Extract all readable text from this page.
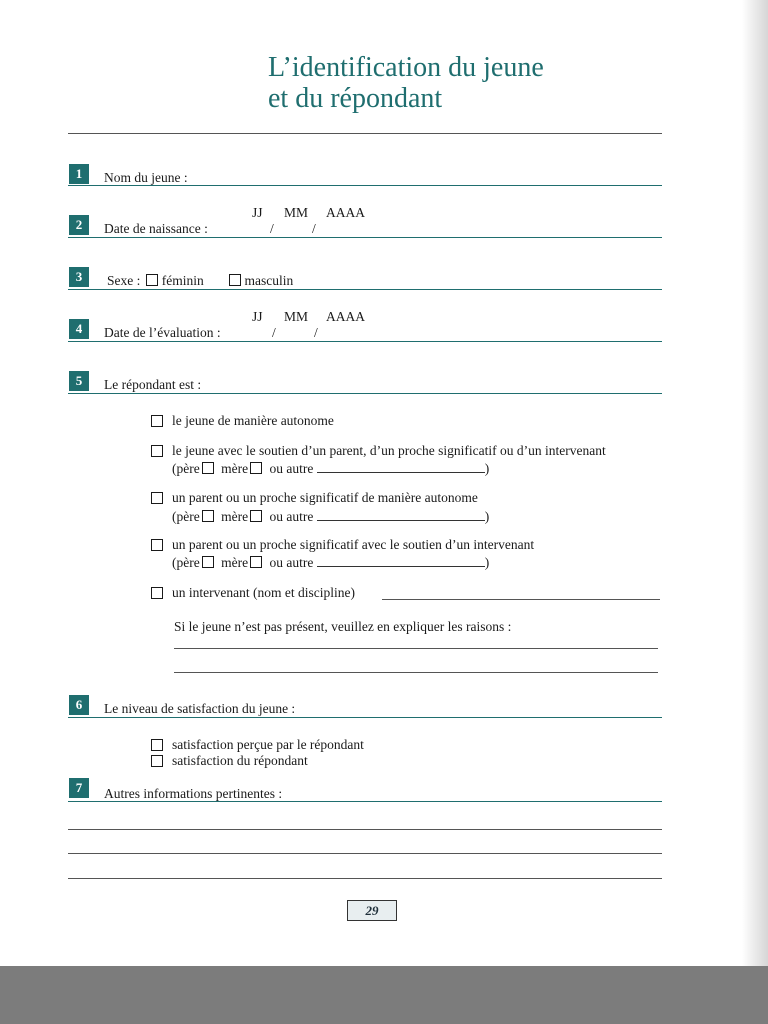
L’identification du jeune
et du répondant
1	Nom du jeune :
JJ MM AAAA
2	Date de naissance :	/	/
3	Sexe : féminin	masculin
JJ MM AAAA
4	Date de l’évaluation :	/	/
5	Le répondant est :
le jeune de manière autonome
le jeune avec le soutien d’un parent, d’un proche significatif ou d’un intervenant
(père mère ou autre	)
un parent ou un proche significatif de manière autonome
(père mère ou autre	)
un parent ou un proche significatif avec le soutien d’un intervenant
(père mère ou autre	)
un intervenant (nom et discipline)
Si le jeune n’est pas présent, veuillez en expliquer les raisons :
6	Le niveau de satisfaction du jeune :
satisfaction perçue par le répondant
satisfaction du répondant
7	Autres informations pertinentes :
29
